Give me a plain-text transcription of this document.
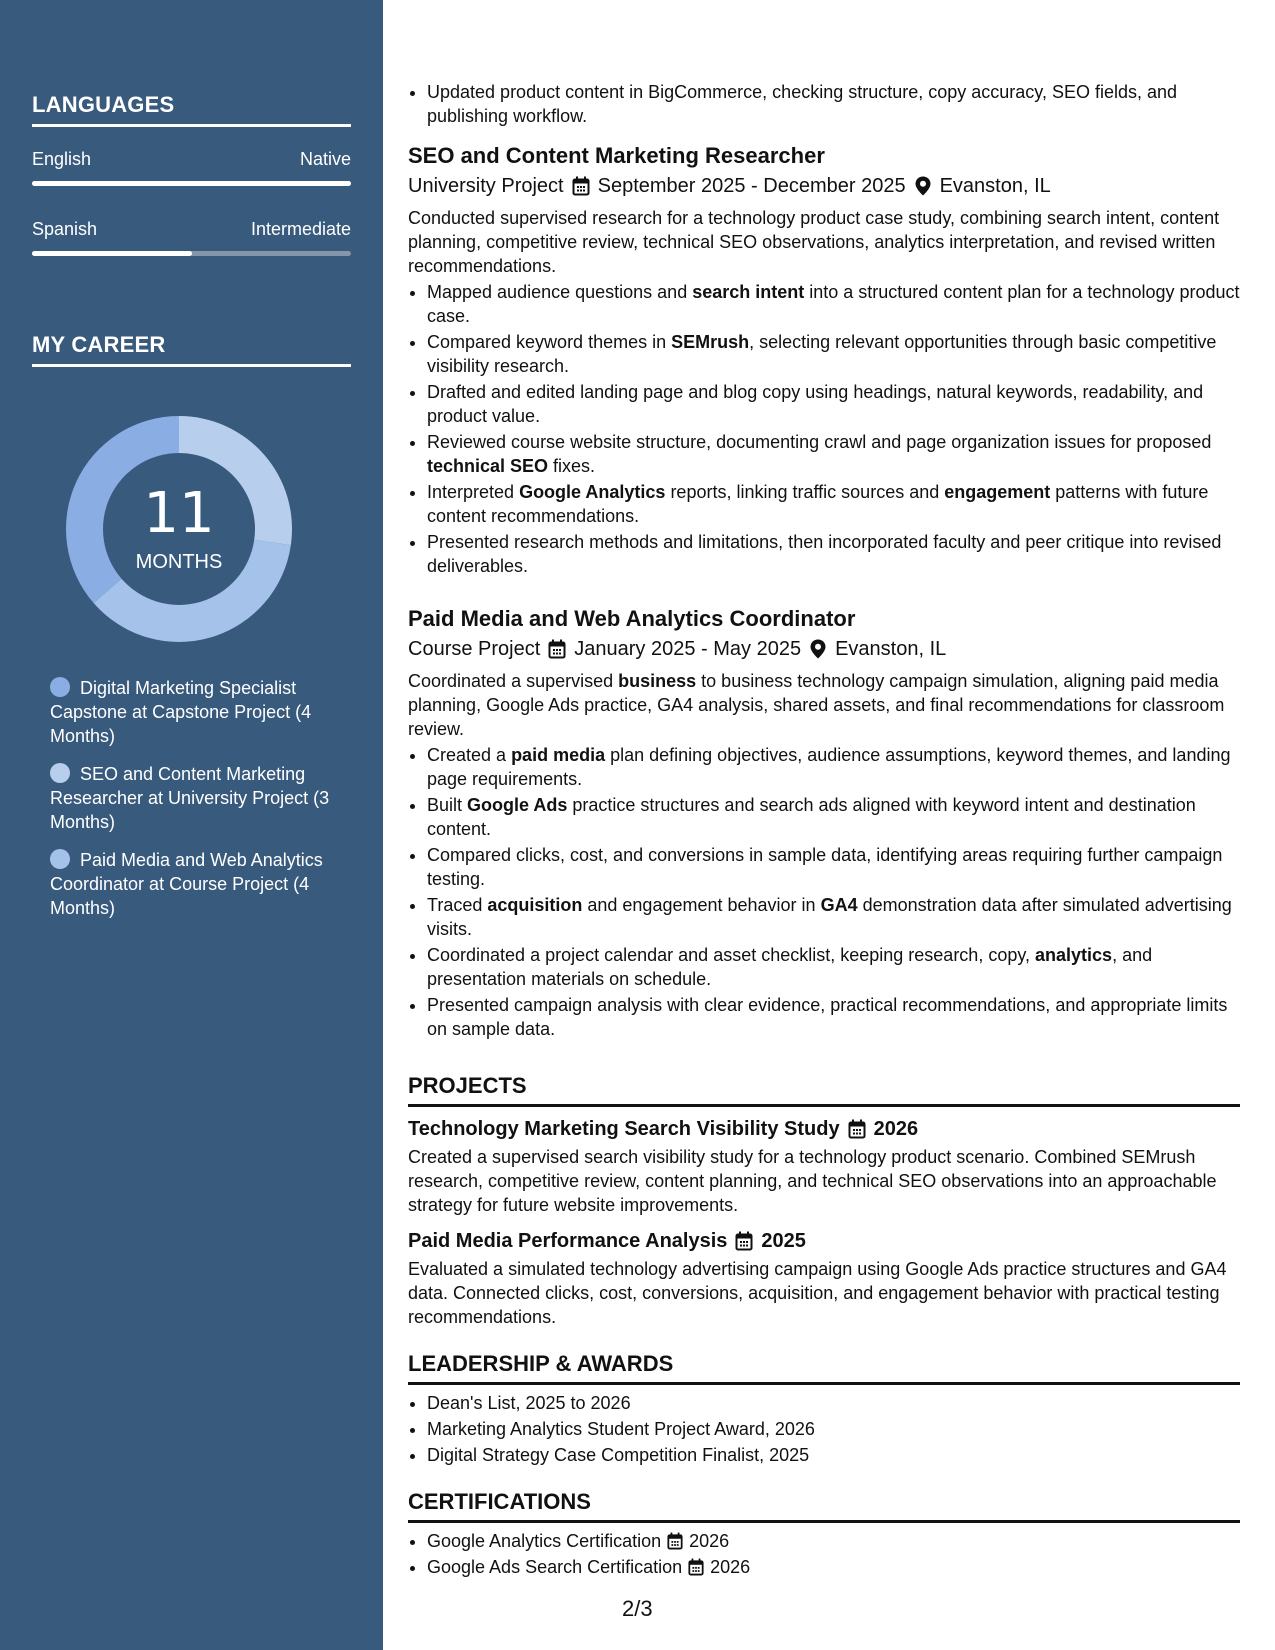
LANGUAGES
English	Native
Spanish	Intermediate
MY CAREER
11
MONTHS
Digital Marketing Specialist Capstone at Capstone Project (4 Months)
SEO and Content Marketing Researcher at University Project (3 Months)
Paid Media and Web Analytics Coordinator at Course Project (4 Months)
• Updated product content in BigCommerce, checking structure, copy accuracy, SEO fields, and publishing workflow.
SEO and Content Marketing Researcher
University Project September 2025 - December 2025 Evanston, IL

Conducted supervised research for a technology product case study, combining search intent, content planning, competitive review, technical SEO observations, analytics interpretation, and revised written recommendations.

• Mapped audience questions and search intent into a structured content plan for a technology product case.
• Compared keyword themes in SEMrush, selecting relevant opportunities through basic competitive visibility research.
• Drafted and edited landing page and blog copy using headings, natural keywords, readability, and product value.
• Reviewed course website structure, documenting crawl and page organization issues for proposed technical SEO fixes.
• Interpreted Google Analytics reports, linking traffic sources and engagement patterns with future content recommendations.
• Presented research methods and limitations, then incorporated faculty and peer critique into revised deliverables.
Paid Media and Web Analytics Coordinator
Course Project January 2025 - May 2025 Evanston, IL

Coordinated a supervised business to business technology campaign simulation, aligning paid media planning, Google Ads practice, GA4 analysis, shared assets, and final recommendations for classroom review.

• Created a paid media plan defining objectives, audience assumptions, keyword themes, and landing page requirements.
• Built Google Ads practice structures and search ads aligned with keyword intent and destination content.
• Compared clicks, cost, and conversions in sample data, identifying areas requiring further campaign testing.
• Traced acquisition and engagement behavior in GA4 demonstration data after simulated advertising visits.
• Coordinated a project calendar and asset checklist, keeping research, copy, analytics, and presentation materials on schedule.
• Presented campaign analysis with clear evidence, practical recommendations, and appropriate limits on sample data.
PROJECTS
Technology Marketing Search Visibility Study 2026

Created a supervised search visibility study for a technology product scenario. Combined SEMrush research, competitive review, content planning, and technical SEO observations into an approachable strategy for future website improvements.

Paid Media Performance Analysis 2025

Evaluated a simulated technology advertising campaign using Google Ads practice structures and GA4 data. Connected clicks, cost, conversions, acquisition, and engagement behavior with practical testing recommendations.

LEADERSHIP & AWARDS
• Dean's List, 2025 to 2026
• Marketing Analytics Student Project Award, 2026
• Digital Strategy Case Competition Finalist, 2025
CERTIFICATIONS
• Google Analytics Certification 2026
• Google Ads Search Certification 2026
2/3
